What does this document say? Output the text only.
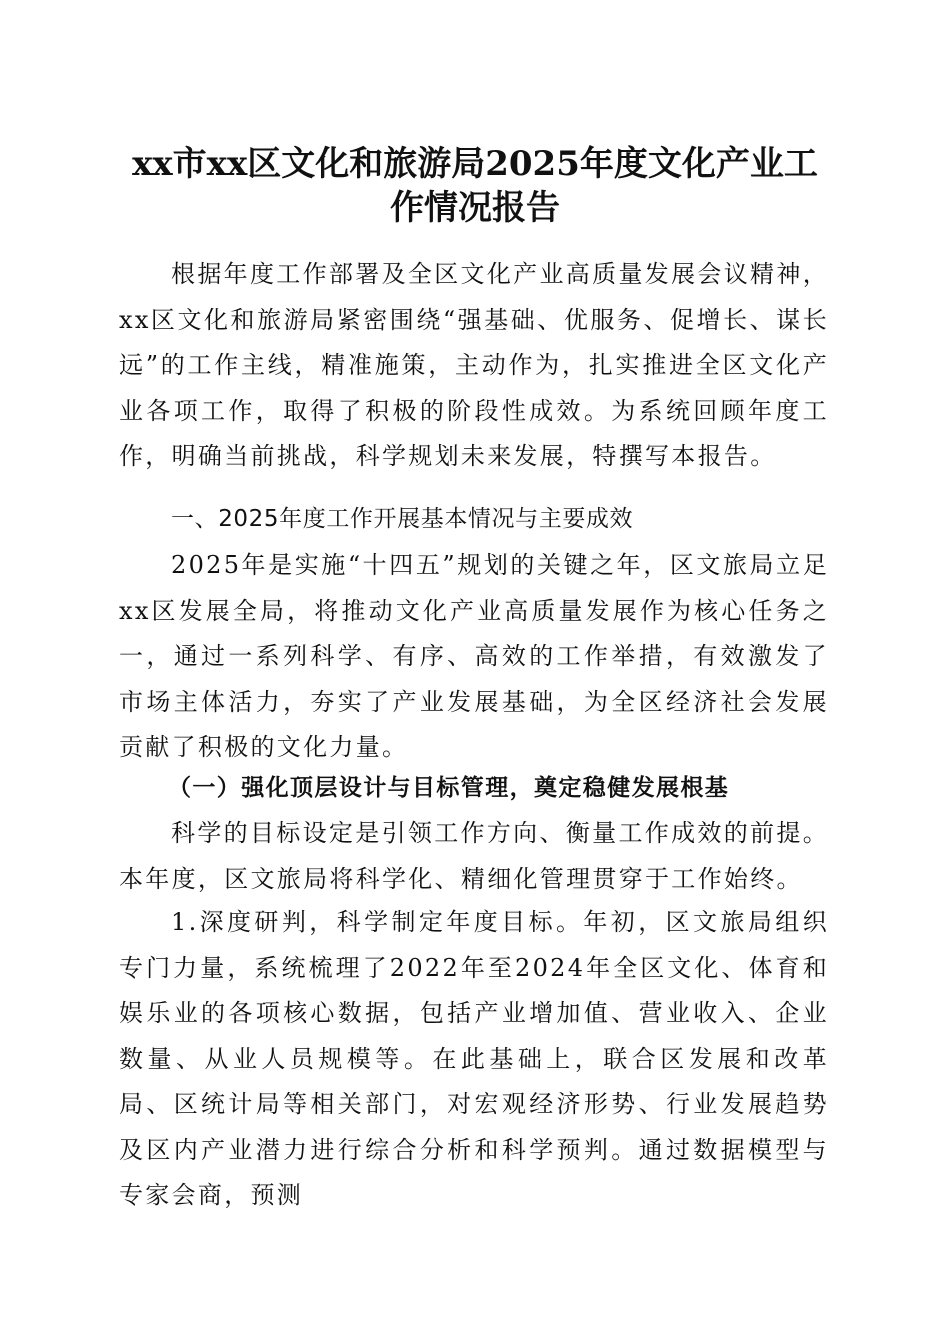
xx市xx区文化和旅游局2025年度文化产业工
作情况报告

根据年度工作部署及全区文化产业高质量发展会议精神，xx区文化和旅游局紧密围绕“强基础、优服务、促增长、谋长远”的工作主线，精准施策，主动作为，扎实推进全区文化产业各项工作，取得了积极的阶段性成效。为系统回顾年度工作，明确当前挑战，科学规划未来发展，特撰写本报告。

一、2025年度工作开展基本情况与主要成效

2025年是实施“十四五”规划的关键之年，区文旅局立足xx区发展全局，将推动文化产业高质量发展作为核心任务之一，通过一系列科学、有序、高效的工作举措，有效激发了市场主体活力，夯实了产业发展基础，为全区经济社会发展贡献了积极的文化力量。

（一）强化顶层设计与目标管理，奠定稳健发展根基

科学的目标设定是引领工作方向、衡量工作成效的前提。本年度，区文旅局将科学化、精细化管理贯穿于工作始终。

1.深度研判，科学制定年度目标。年初，区文旅局组织专门力量，系统梳理了2022年至2024年全区文化、体育和娱乐业的各项核心数据，包括产业增加值、营业收入、企业数量、从业人员规模等。在此基础上，联合区发展和改革局、区统计局等相关部门，对宏观经济形势、行业发展趋势及区内产业潜力进行综合分析和科学预判。通过数据模型与专家会商，预测
